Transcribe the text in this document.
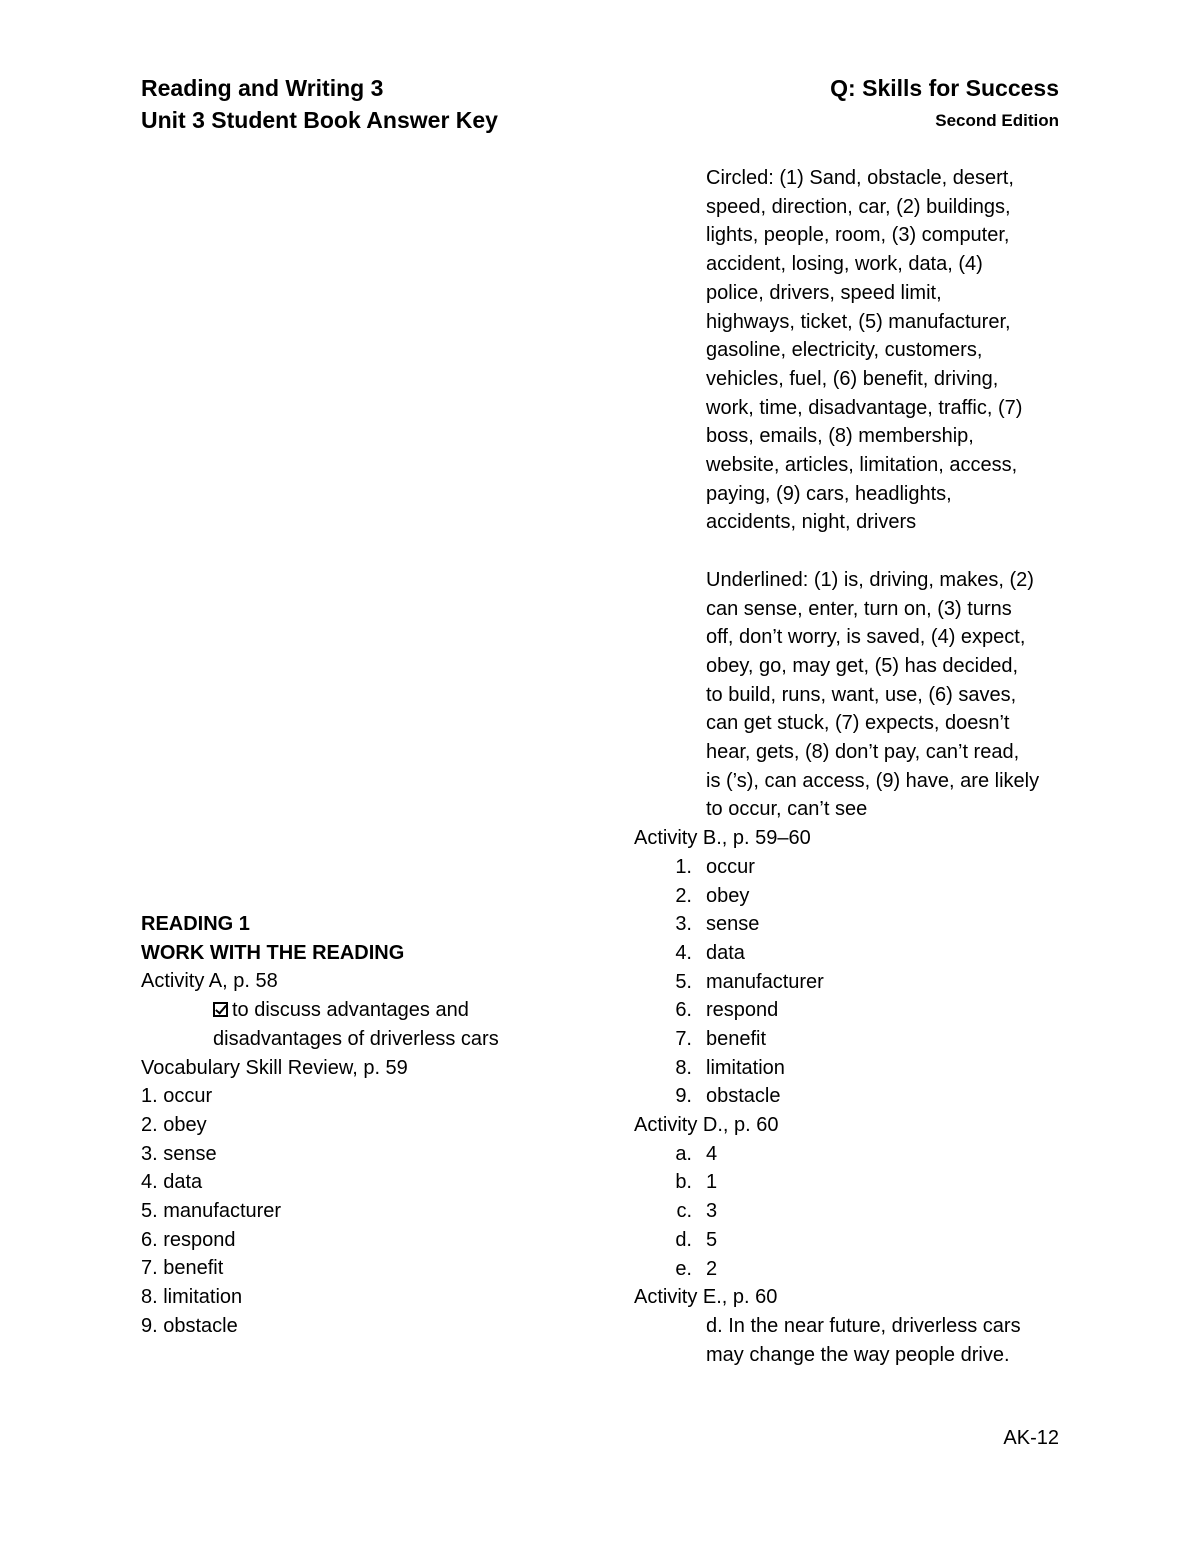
Reading and Writing 3
Unit 3 Student Book Answer Key
Q: Skills for Success
Second Edition
READING 1
WORK WITH THE READING
Activity A, p. 58
to discuss advantages and
disadvantages of driverless cars
Vocabulary Skill Review, p. 59
1. occur
2. obey
3. sense
4. data
5. manufacturer
6. respond
7. benefit
8. limitation
9. obstacle
Circled: (1) Sand, obstacle, desert,
speed, direction, car, (2) buildings,
lights, people, room, (3) computer,
accident, losing, work, data, (4)
police, drivers, speed limit,
highways, ticket, (5) manufacturer,
gasoline, electricity, customers,
vehicles, fuel, (6) benefit, driving,
work, time, disadvantage, traffic, (7)
boss, emails, (8) membership,
website, articles, limitation, access,
paying, (9) cars, headlights,
accidents, night, drivers
Underlined: (1) is, driving, makes, (2)
can sense, enter, turn on, (3) turns
off, don’t worry, is saved, (4) expect,
obey, go, may get, (5) has decided,
to build, runs, want, use, (6) saves,
can get stuck, (7) expects, doesn’t
hear, gets, (8) don’t pay, can’t read,
is (’s), can access, (9) have, are likely
to occur, can’t see
Activity B., p. 59–60
1. occur
2. obey
3. sense
4. data
5. manufacturer
6. respond
7. benefit
8. limitation
9. obstacle
Activity D., p. 60
a. 4
b. 1
c. 3
d. 5
e. 2
Activity E., p. 60
d. In the near future, driverless cars
may change the way people drive.
AK-12
